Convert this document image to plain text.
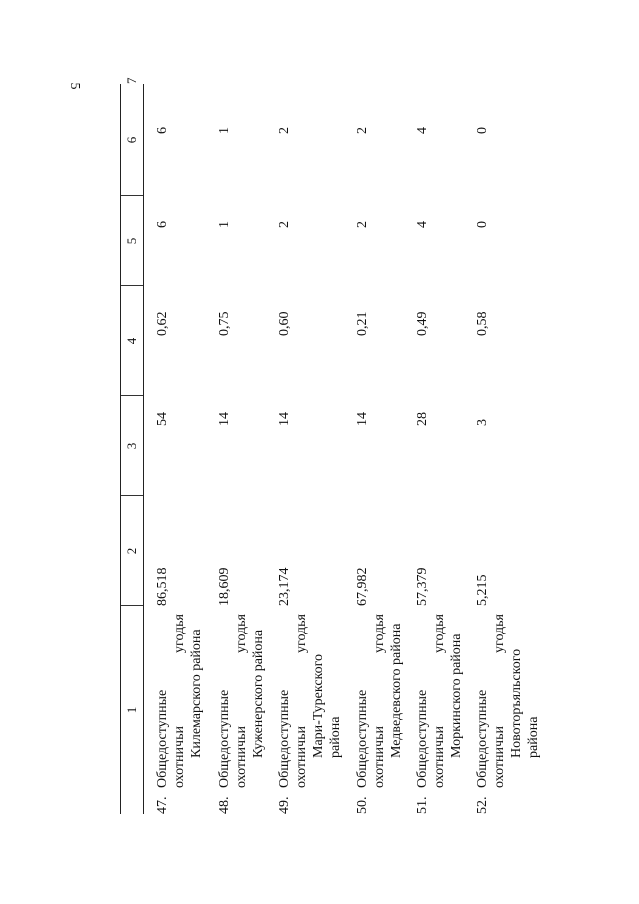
5
1
2
3
4
5
6
7
47.
Общедоступные охотничьи
угодья Килемарского района
86,518
54
0,62
6
6
48.
Общедоступные охотничьи
угодья Куженерского района
18,609
14
0,75
1
1
49.
Общедоступные охотничьи
угодья
Мари-Турекского района
23,174
14
0,60
2
2
50.
Общедоступные охотничьи
угодья Медведевского района
67,982
14
0,21
2
2
51.
Общедоступные охотничьи
угодья
Моркинского района
57,379
28
0,49
4
4
52.
Общедоступные охотничьи
угодья
Новоторъяльского района
5,215
3
0,58
0
0
